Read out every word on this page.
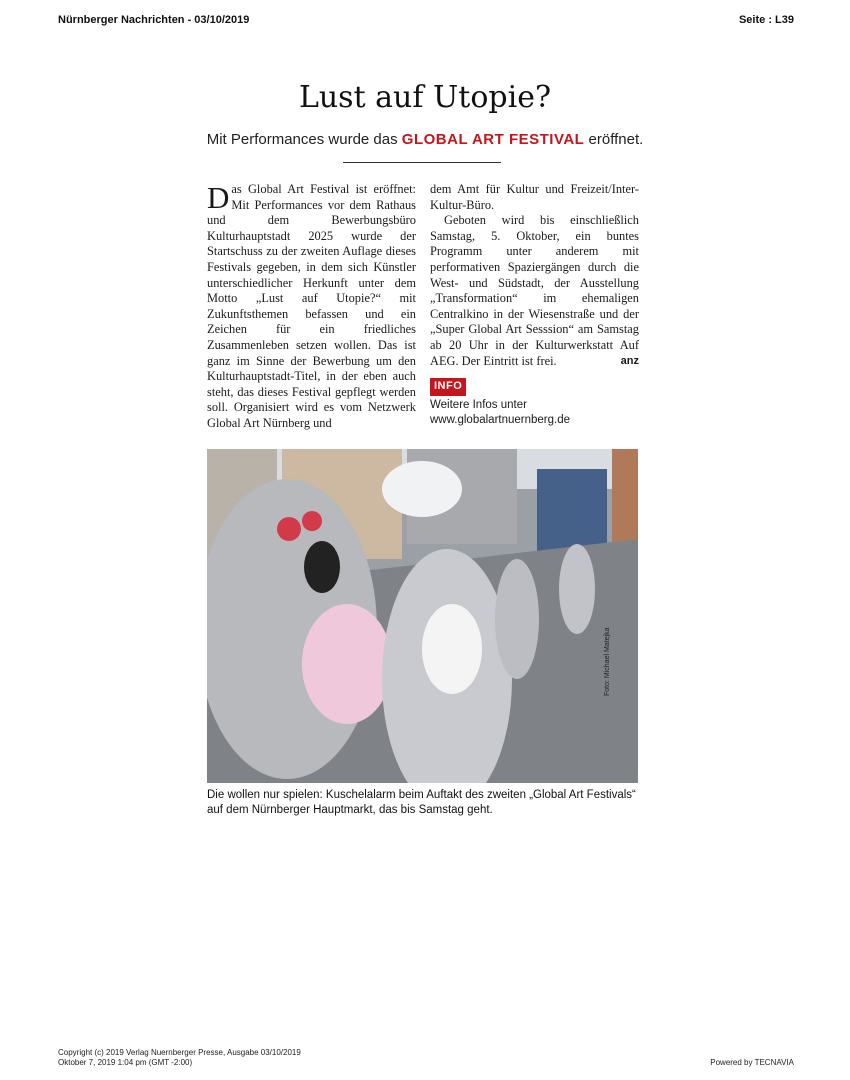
Nürnberger Nachrichten - 03/10/2019	Seite : L39
Lust auf Utopie?
Mit Performances wurde das GLOBAL ART FESTIVAL eröffnet.

Das Global Art Festival ist eröffnet: Mit Performances vor dem Rathaus und dem Bewerbungsbüro Kulturhauptstadt 2025 wurde der Startschuss zu der zweiten Auflage dieses Festivals gegeben, in dem sich Künstler unterschiedlicher Herkunft unter dem Motto „Lust auf Utopie?“ mit Zukunftsthemen befassen und ein Zeichen für ein friedliches Zusammenleben setzen wollen. Das ist ganz im Sinne der Bewerbung um den Kulturhauptstadt-Titel, in der eben auch steht, das dieses Festival gepflegt werden soll. Organisiert wird es vom Netzwerk Global Art Nürnberg und

dem Amt für Kultur und Freizeit/Inter-Kultur-Büro.

Geboten wird bis einschließlich Samstag, 5. Oktober, ein buntes Programm unter anderem mit performativen Spaziergängen durch die West- und Südstadt, der Ausstellung „Transformation“ im ehemaligen Centralkino in der Wiesenstraße und der „Super Global Art Sesssion“ am Samstag ab 20 Uhr in der Kulturwerkstatt Auf AEG. Der Eintritt ist frei.	anz

INFO
Weitere Infos unter www.globalartnuernberg.de
Foto: Michael Matejka
Die wollen nur spielen: Kuschelalarm beim Auftakt des zweiten „Global Art Festivals“ auf dem Nürnberger Hauptmarkt, das bis Samstag geht.
Copyright (c) 2019 Verlag Nuernberger Presse, Ausgabe 03/10/2019
Oktober 7, 2019 1:04 pm (GMT -2:00)	Powered by TECNAVIA
